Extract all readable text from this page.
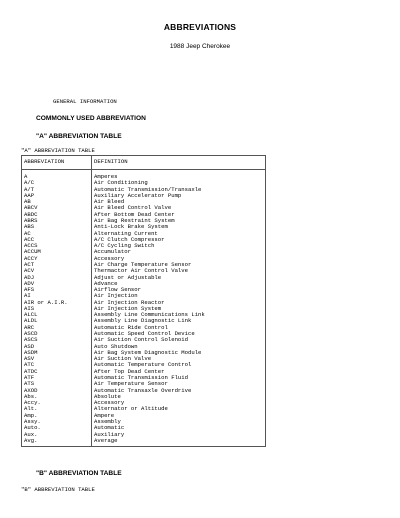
ABBREVIATIONS
1988 Jeep Cherokee
GENERAL INFORMATION
COMMONLY USED ABBREVIATION
"A" ABBREVIATION TABLE
"A" ABBREVIATION TABLE
ABBREVIATION	DEFINITION
A	Amperes
A/C	Air Conditioning
A/T	Automatic Transmission/Transaxle
AAP	Auxiliary Accelerator Pump
AB	Air Bleed
ABCV	Air Bleed Control Valve
ABDC	After Bottom Dead Center
ABRS	Air Bag Restraint System
ABS	Anti-Lock Brake System
AC	Alternating Current
ACC	A/C Clutch Compressor
ACCS	A/C Cycling Switch
ACCUM	Accumulator
ACCY	Accessory
ACT	Air Charge Temperature Sensor
ACV	Thermactor Air Control Valve
ADJ	Adjust or Adjustable
ADV	Advance
AFS	Airflow Sensor
AI	Air Injection
AIR or A.I.R.	Air Injection Reactor
AIS	Air Injection System
ALCL	Assembly Line Communications Link
ALDL	Assembly Line Diagnostic Link
ARC	Automatic Ride Control
ASCD	Automatic Speed Control Device
ASCS	Air Suction Control Solenoid
ASD	Auto Shutdown
ASDM	Air Bag System Diagnostic Module
ASV	Air Suction Valve
ATC	Automatic Temperature Control
ATDC	After Top Dead Center
ATF	Automatic Transmission Fluid
ATS	Air Temperature Sensor
AXOD	Automatic Transaxle Overdrive
Abs.	Absolute
Accy.	Accessory
Alt.	Alternator or Altitude
Amp.	Ampere
Assy.	Assembly
Auto.	Automatic
Aux.	Auxiliary
Avg.	Average
"B" ABBREVIATION TABLE
"B" ABBREVIATION TABLE
